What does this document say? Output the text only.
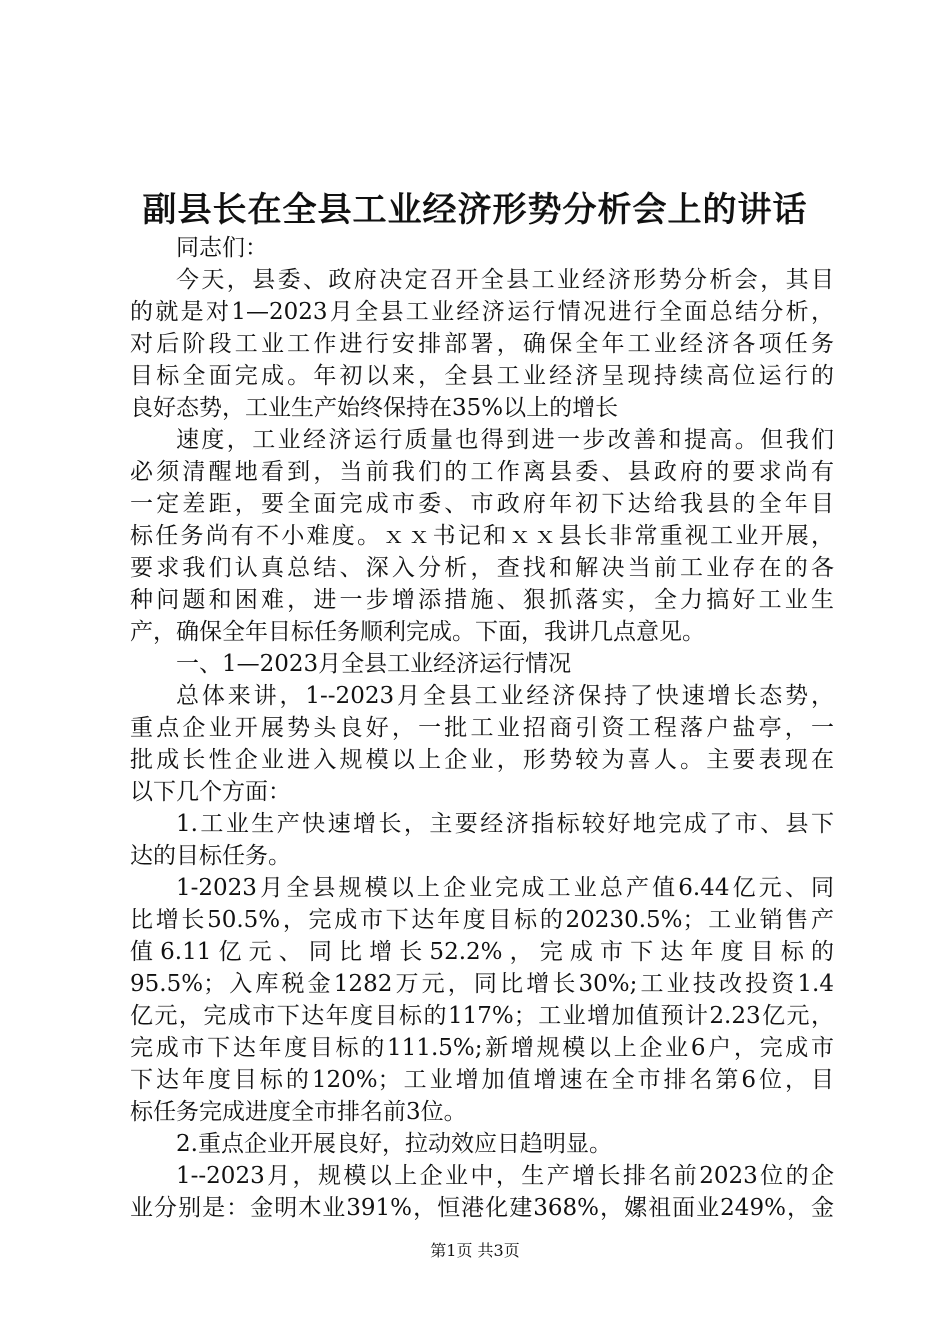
副县长在全县工业经济形势分析会上的讲话
同志们：
今天，县委、政府决定召开全县工业经济形势分析会，其目
的就是对1—2023月全县工业经济运行情况进行全面总结分析，
对后阶段工业工作进行安排部署，确保全年工业经济各项任务
目标全面完成。年初以来，全县工业经济呈现持续高位运行的
良好态势，工业生产始终保持在35%以上的增长
速度，工业经济运行质量也得到进一步改善和提高。但我们
必须清醒地看到，当前我们的工作离县委、县政府的要求尚有
一定差距，要全面完成市委、市政府年初下达给我县的全年目
标任务尚有不小难度。ｘｘ书记和ｘｘ县长非常重视工业开展，
要求我们认真总结、深入分析，查找和解决当前工业存在的各
种问题和困难，进一步增添措施、狠抓落实，全力搞好工业生
产，确保全年目标任务顺利完成。下面，我讲几点意见。
一、1—2023月全县工业经济运行情况
总体来讲，1--2023月全县工业经济保持了快速增长态势，
重点企业开展势头良好，一批工业招商引资工程落户盐亭，一
批成长性企业进入规模以上企业，形势较为喜人。主要表现在
以下几个方面：
1.工业生产快速增长，主要经济指标较好地完成了市、县下
达的目标任务。
1-2023月全县规模以上企业完成工业总产值6.44亿元、同
比增长50.5%，完成市下达年度目标的20230.5%；工业销售产
值6.11亿元、同比增长52.2%，完成市下达年度目标的
95.5%；入库税金1282万元，同比增长30%;工业技改投资1.4
亿元，完成市下达年度目标的117%；工业增加值预计2.23亿元，
完成市下达年度目标的111.5%;新增规模以上企业6户，完成市
下达年度目标的120%；工业增加值增速在全市排名第6位，目
标任务完成进度全市排名前3位。
2.重点企业开展良好，拉动效应日趋明显。
1--2023月，规模以上企业中，生产增长排名前2023位的企
业分别是：金明木业391%，恒港化建368%，嫘祖面业249%，金
第1页 共3页
